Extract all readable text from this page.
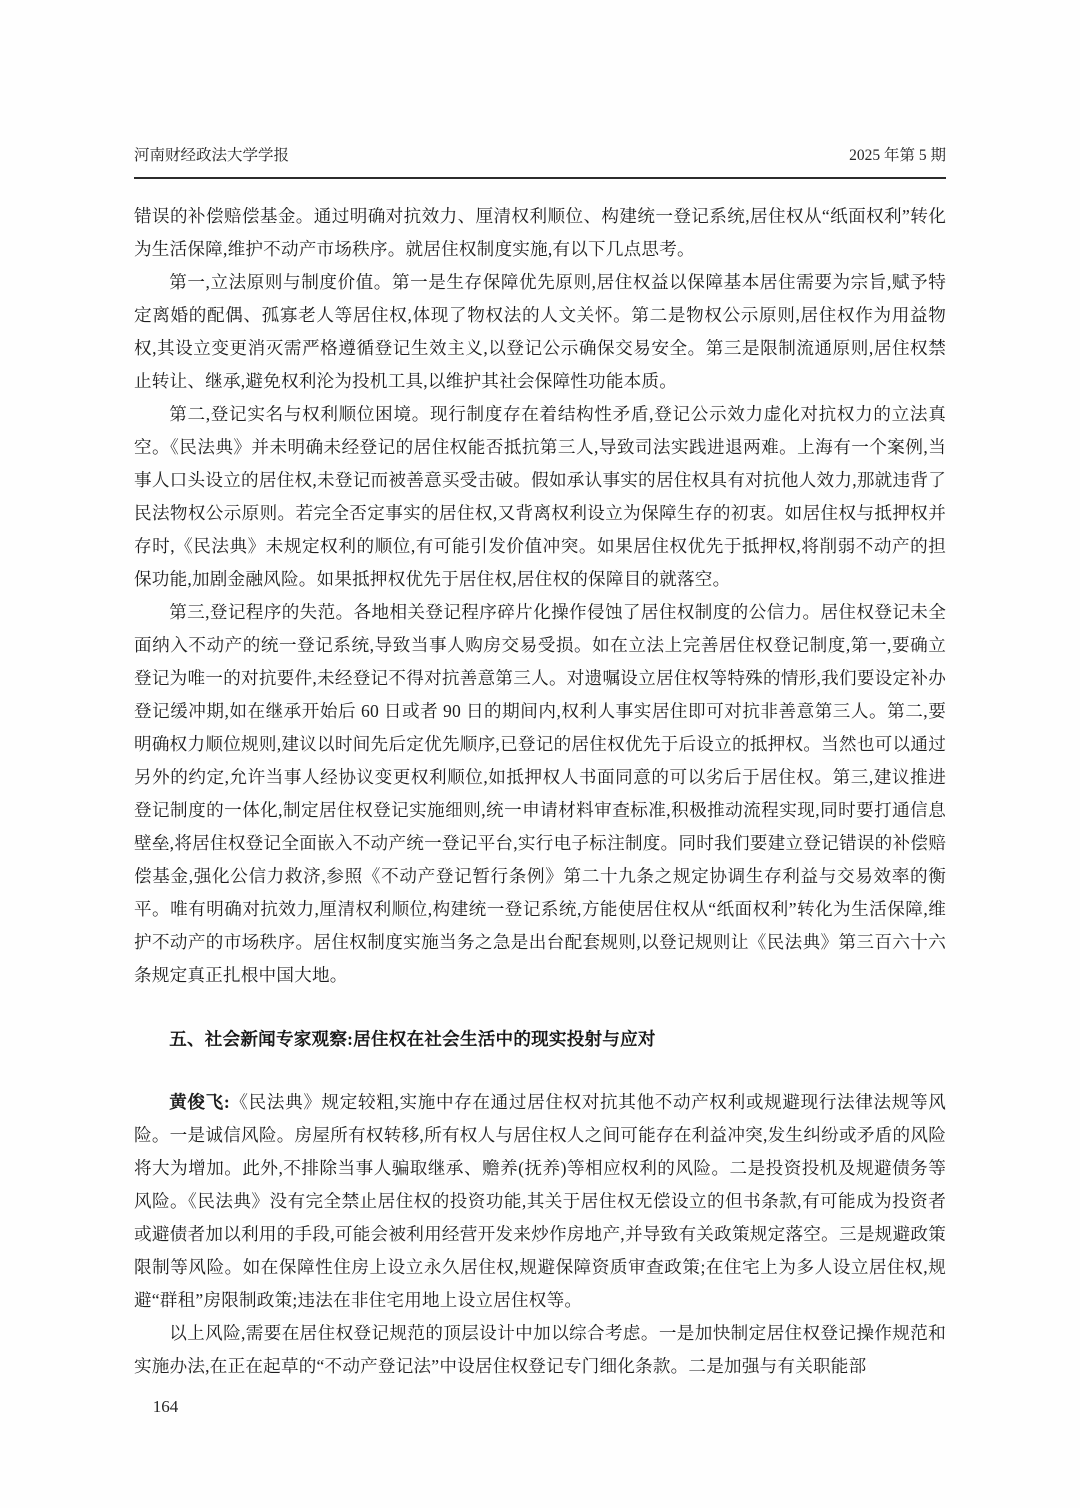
河南财经政法大学学报	2025 年第 5 期

错误的补偿赔偿基金。通过明确对抗效力、厘清权利顺位、构建统一登记系统,居住权从“纸面权利”转化为生活保障,维护不动产市场秩序。就居住权制度实施,有以下几点思考。

第一,立法原则与制度价值。第一是生存保障优先原则,居住权益以保障基本居住需要为宗旨,赋予特定离婚的配偶、孤寡老人等居住权,体现了物权法的人文关怀。第二是物权公示原则,居住权作为用益物权,其设立变更消灭需严格遵循登记生效主义,以登记公示确保交易安全。第三是限制流通原则,居住权禁止转让、继承,避免权利沦为投机工具,以维护其社会保障性功能本质。

第二,登记实名与权利顺位困境。现行制度存在着结构性矛盾,登记公示效力虚化对抗权力的立法真空。《民法典》并未明确未经登记的居住权能否抵抗第三人,导致司法实践进退两难。上海有一个案例,当事人口头设立的居住权,未登记而被善意买受击破。假如承认事实的居住权具有对抗他人效力,那就违背了民法物权公示原则。若完全否定事实的居住权,又背离权利设立为保障生存的初衷。如居住权与抵押权并存时,《民法典》未规定权利的顺位,有可能引发价值冲突。如果居住权优先于抵押权,将削弱不动产的担保功能,加剧金融风险。如果抵押权优先于居住权,居住权的保障目的就落空。

第三,登记程序的失范。各地相关登记程序碎片化操作侵蚀了居住权制度的公信力。居住权登记未全面纳入不动产的统一登记系统,导致当事人购房交易受损。如在立法上完善居住权登记制度,第一,要确立登记为唯一的对抗要件,未经登记不得对抗善意第三人。对遗嘱设立居住权等特殊的情形,我们要设定补办登记缓冲期,如在继承开始后 60 日或者 90 日的期间内,权利人事实居住即可对抗非善意第三人。第二,要明确权力顺位规则,建议以时间先后定优先顺序,已登记的居住权优先于后设立的抵押权。当然也可以通过另外的约定,允许当事人经协议变更权利顺位,如抵押权人书面同意的可以劣后于居住权。第三,建议推进登记制度的一体化,制定居住权登记实施细则,统一申请材料审查标准,积极推动流程实现,同时要打通信息壁垒,将居住权登记全面嵌入不动产统一登记平台,实行电子标注制度。同时我们要建立登记错误的补偿赔偿基金,强化公信力救济,参照《不动产登记暂行条例》第二十九条之规定协调生存利益与交易效率的衡平。唯有明确对抗效力,厘清权利顺位,构建统一登记系统,方能使居住权从“纸面权利”转化为生活保障,维护不动产的市场秩序。居住权制度实施当务之急是出台配套规则,以登记规则让《民法典》第三百六十六条规定真正扎根中国大地。

五、社会新闻专家观察:居住权在社会生活中的现实投射与应对

黄俊飞:《民法典》规定较粗,实施中存在通过居住权对抗其他不动产权利或规避现行法律法规等风险。一是诚信风险。房屋所有权转移,所有权人与居住权人之间可能存在利益冲突,发生纠纷或矛盾的风险将大为增加。此外,不排除当事人骗取继承、赡养(抚养)等相应权利的风险。二是投资投机及规避债务等风险。《民法典》没有完全禁止居住权的投资功能,其关于居住权无偿设立的但书条款,有可能成为投资者或避债者加以利用的手段,可能会被利用经营开发来炒作房地产,并导致有关政策规定落空。三是规避政策限制等风险。如在保障性住房上设立永久居住权,规避保障资质审查政策;在住宅上为多人设立居住权,规避“群租”房限制政策;违法在非住宅用地上设立居住权等。

以上风险,需要在居住权登记规范的顶层设计中加以综合考虑。一是加快制定居住权登记操作规范和实施办法,在正在起草的“不动产登记法”中设居住权登记专门细化条款。二是加强与有关职能部

164
